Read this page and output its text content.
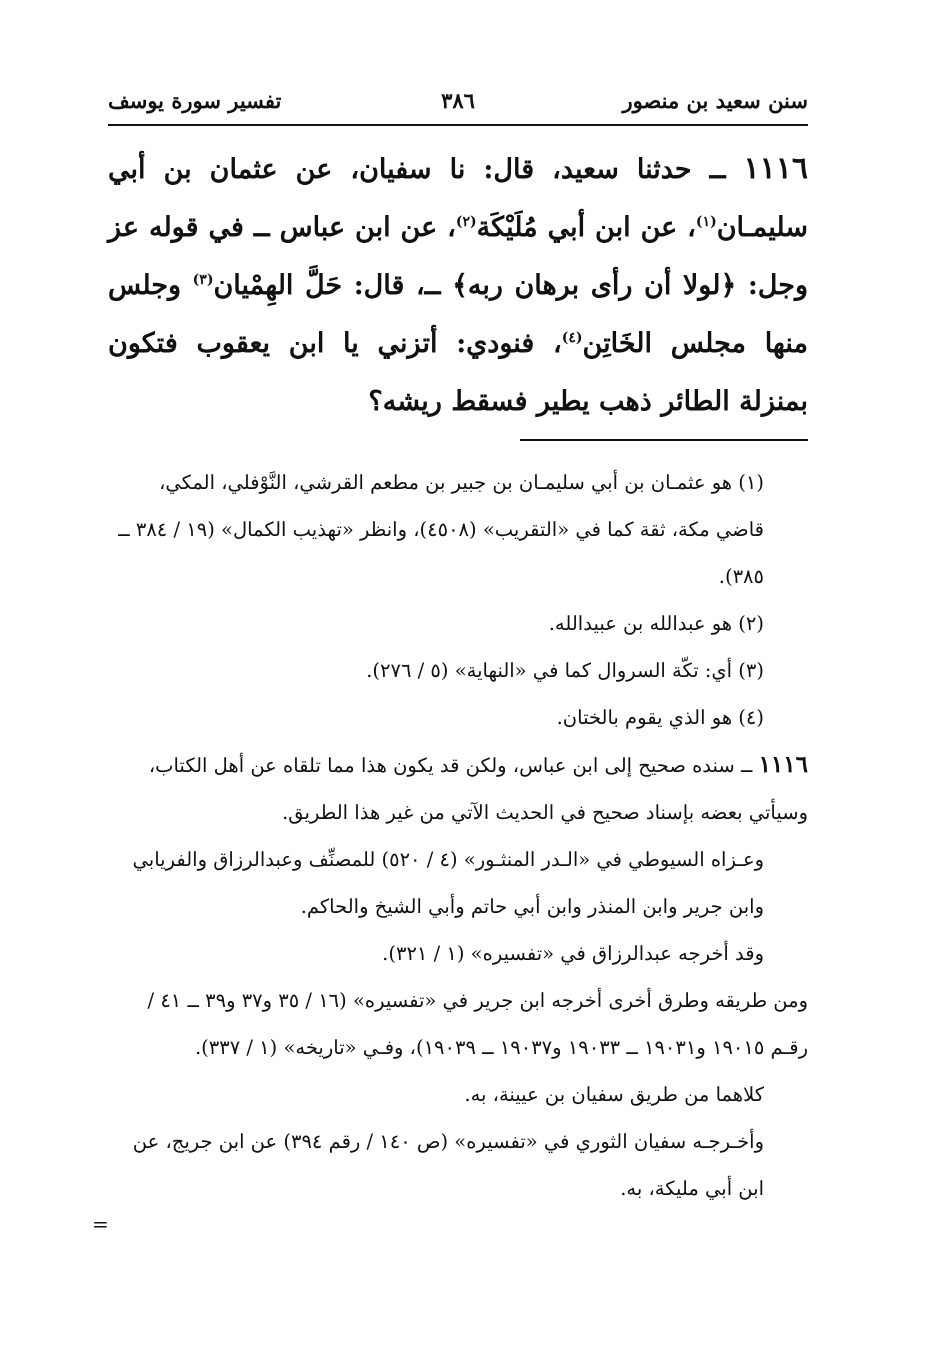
سنن سعيد بن منصور
٣٨٦
تفسير سورة يوسف
١١١٦ ــ حدثنا سعيد، قال: نا سفيان، عن عثمان بن أبي سليمـان$^{(١)}$، عن ابن أبي مُلَيْكَة$^{(٢)}$، عن ابن عباس ــ في قوله عز وجل: ﴿لولا أن رأى برهان ربه﴾ ــ، قال: حَلَّ الهِمْيان$^{(٣)}$ وجلس منها مجلس الخَاتِن$^{(٤)}$، فنودي: أتزني يا ابن يعقوب فتكون بمنزلة الطائر ذهب يطير فسقط ريشه؟

(١) هو عثمـان بن أبي سليمـان بن جبير بن مطعم القرشي، النَّوْفلي، المكي، قاضي مكة، ثقة كما في «التقريب» (٤٥٠٨)، وانظر «تهذيب الكمال» (١٩ / ٣٨٤ ــ ٣٨٥).

(٢) هو عبدالله بن عبيدالله.

(٣) أي: تكّة السروال كما في «النهاية» (٥ / ٢٧٦).

(٤) هو الذي يقوم بالختان.

١١١٦ ــ سنده صحيح إلى ابن عباس، ولكن قد يكون هذا مما تلقاه عن أهل الكتاب، وسيأتي بعضه بإسناد صحيح في الحديث الآتي من غير هذا الطريق.

وعـزاه السيوطي في «الـدر المنثـور» (٤ / ٥٢٠) للمصنِّف وعبدالرزاق والفريابي وابن جرير وابن المنذر وابن أبي حاتم وأبي الشيخ والحاكم.

وقد أخرجه عبدالرزاق في «تفسيره» (١ / ٣٢١).

ومن طريقه وطرق أخرى أخرجه ابن جرير في «تفسيره» (١٦ / ٣٥ و٣٧ و٣٩ ــ ٤١ / رقـم ١٩٠١٥ و١٩٠٣١ ــ ١٩٠٣٣ و١٩٠٣٧ ــ ١٩٠٣٩)، وفـي «تاريخه» (١ / ٣٣٧).

كلاهما من طريق سفيان بن عيينة، به.

وأخـرجـه سفيان الثوري في «تفسيره» (ص ١٤٠ / رقم ٣٩٤) عن ابن جريج، عن ابن أبي مليكة، به.

=
